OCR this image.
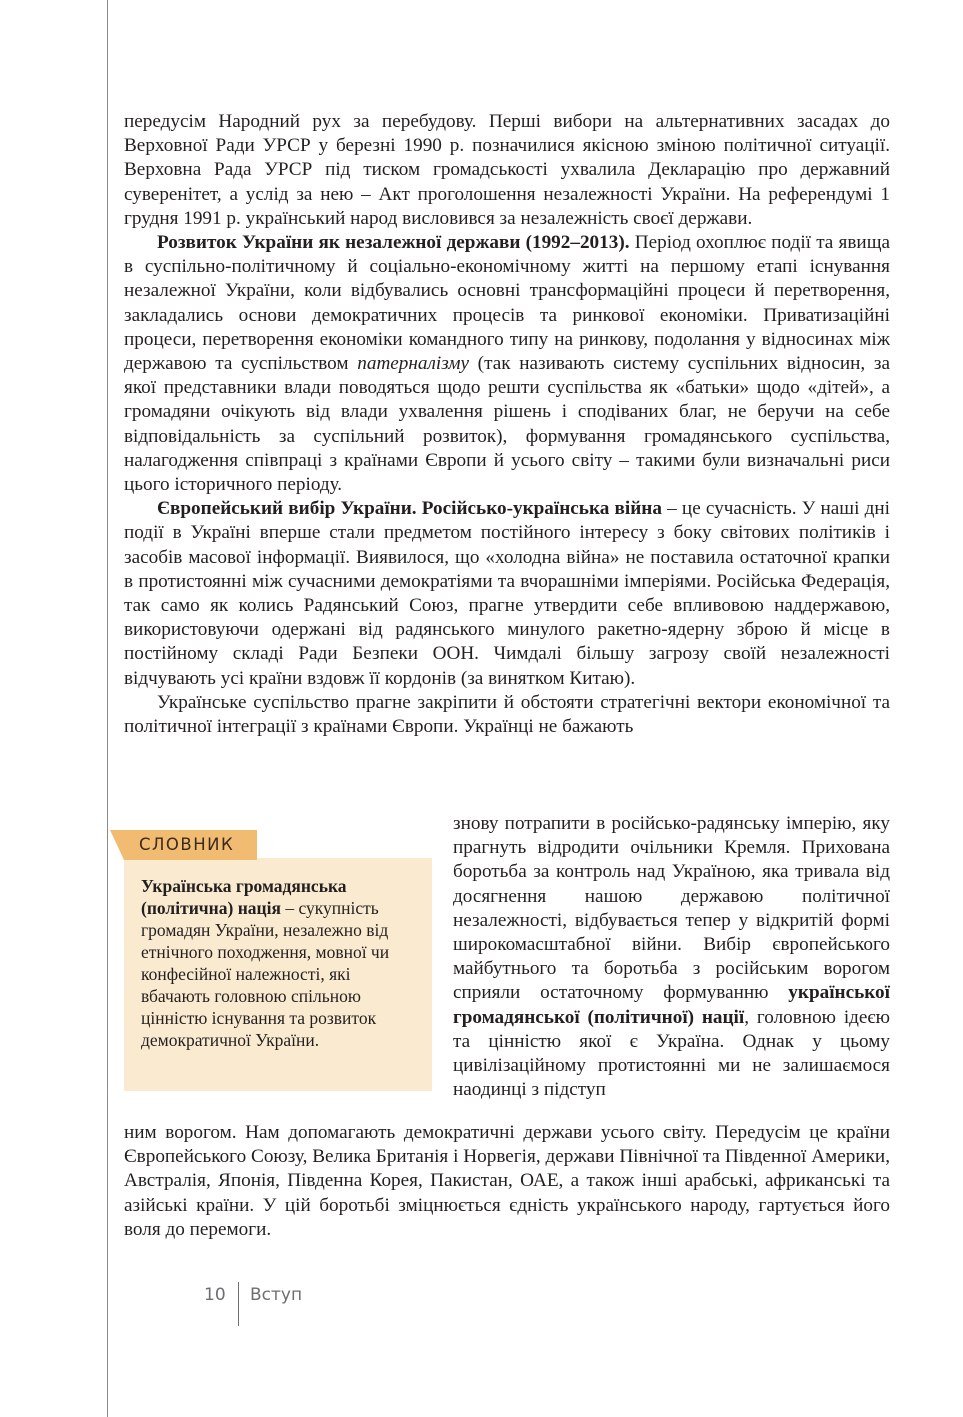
передусім Народний рух за перебудову. Перші вибори на альтернативних засадах до Верховної Ради УРСР у березні 1990 р. позначилися якісною зміною політичної ситуації. Верховна Рада УРСР під тиском громадськості ухвалила Декларацію про державний суверенітет, а услід за нею – Акт проголошення незалежності України. На референдумі 1 грудня 1991 р. український народ висловився за незалежність своєї держави.

Розвиток України як незалежної держави (1992–2013). Період охоплює події та явища в суспільно-політичному й соціально-економічному житті на першому етапі існування незалежної України, коли відбувались основні трансформаційні процеси й перетворення, закладались основи демократичних процесів та ринкової економіки. Приватизаційні процеси, перетворення економіки командного типу на ринкову, подолання у відносинах між державою та суспільством патерналізму (так називають систему суспільних відносин, за якої представники влади поводяться щодо решти суспільства як «батьки» щодо «дітей», а громадяни очікують від влади ухвалення рішень і сподіваних благ, не беручи на себе відповідальність за суспільний розвиток), формування громадянського суспільства, налагодження співпраці з країнами Європи й усього світу – такими були визначальні риси цього історичного періоду.

Європейський вибір України. Російсько-українська війна – це сучасність. У наші дні події в Україні вперше стали предметом постійного інтересу з боку світових політиків і засобів масової інформації. Виявилося, що «холодна війна» не поставила остаточної крапки в протистоянні між сучасними демократіями та вчорашніми імперіями. Російська Федерація, так само як колись Радянський Союз, прагне утвердити себе впливовою наддержавою, використовуючи одержані від радянського минулого ракетно-ядерну зброю й місце в постійному складі Ради Безпеки ООН. Чимдалі більшу загрозу своїй незалежності відчувають усі країни вздовж її кордонів (за винятком Китаю).

Українське суспільство прагне закріпити й обстояти стратегічні вектори економічної та політичної інтеграції з країнами Європи. Українці не бажають

СЛОВНИК

Українська громадянська (політична) нація – сукупність громадян України, незалежно від етнічного походження, мовної чи конфесійної належності, які вбачають головною спільною цінністю існування та розвиток демократичної України.

знову потрапити в російсько-радянську імперію, яку прагнуть відродити очільники Кремля. Прихована боротьба за контроль над Україною, яка тривала від досягнення нашою державою політичної незалежності, відбувається тепер у відкритій формі широкомасштабної війни. Вибір європейського майбутнього та боротьба з російським ворогом сприяли остаточному формуванню української громадянської (політичної) нації, головною ідеєю та цінністю якої є Україна. Однак у цьому цивілізаційному протистоянні ми не залишаємося наодинці з підступ

ним ворогом. Нам допомагають демократичні держави усього світу. Передусім це країни Європейського Союзу, Велика Британія і Норвегія, держави Північної та Південної Америки, Австралія, Японія, Південна Корея, Пакистан, ОАЕ, а також інші арабські, африканські та азійські країни. У цій боротьбі зміцнюється єдність українського народу, гартується його воля до перемоги.

10 Вступ
